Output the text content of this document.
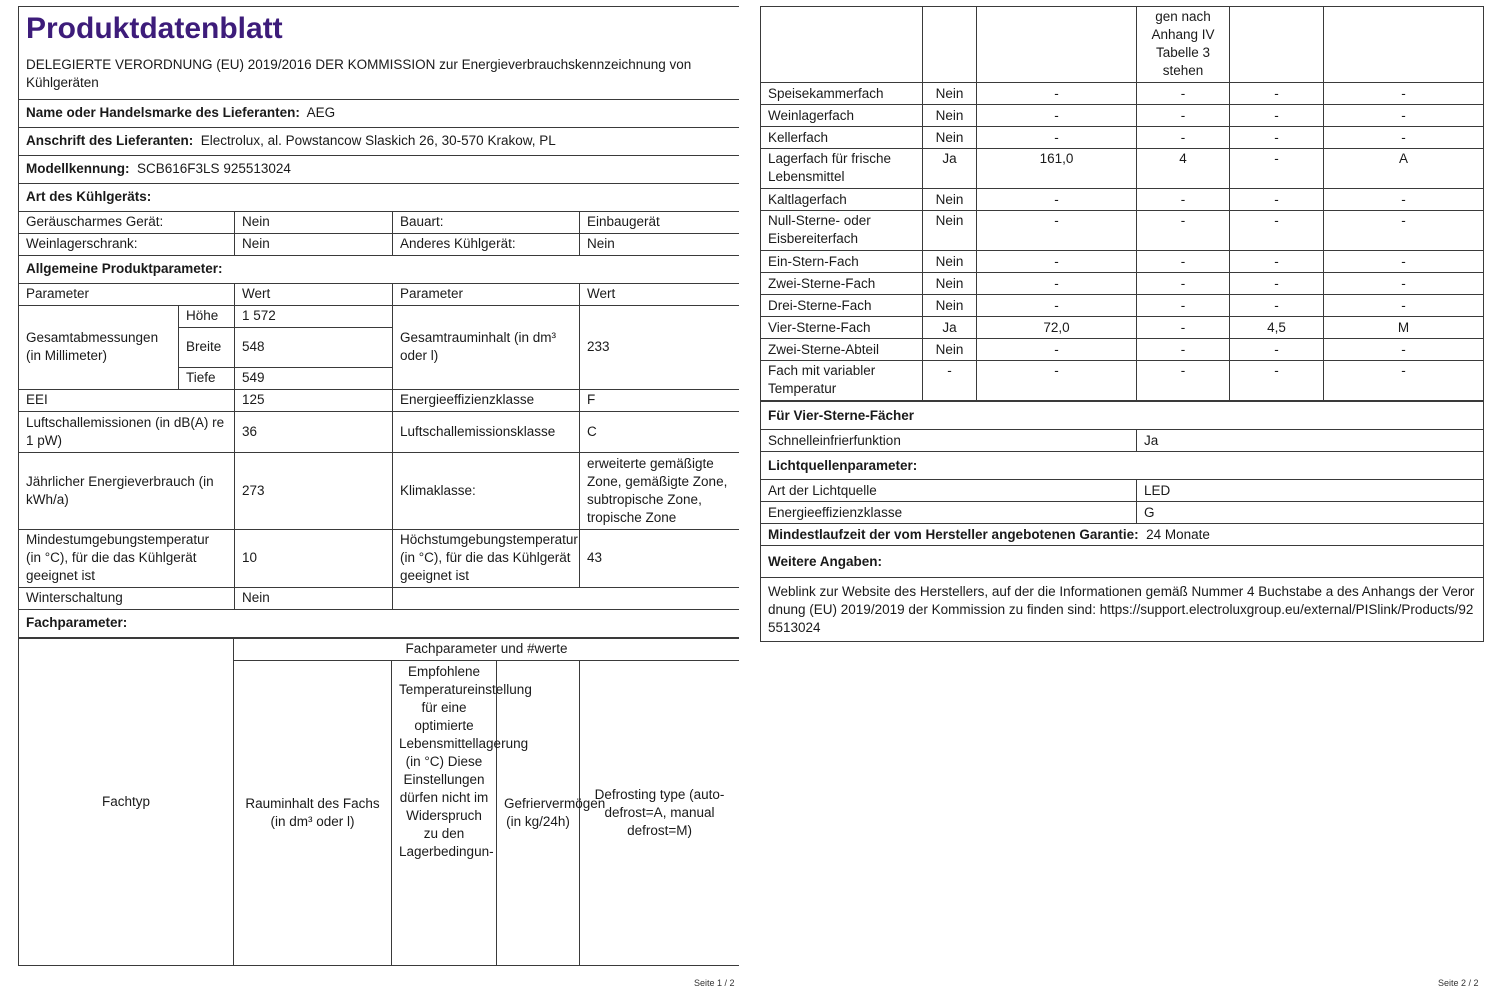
Produktdatenblatt				
DELEGIERTE VERORDNUNG (EU) 2019/2016 DER KOMMISSION zur Energieverbrauchskennzeichnung von Kühlgeräten				
Name oder Handelsmarke des Lieferanten: AEG				
Anschrift des Lieferanten: Electrolux, al. Powstancow Slaskich 26, 30-570 Krakow, PL				
Modellkennung: SCB616F3LS 925513024				
Art des Kühlgeräts:				
Geräuscharmes Gerät:		Nein	Bauart:	Einbaugerät
Weinlagerschrank:		Nein	Anderes Kühlgerät:	Nein
Allgemeine Produktparameter:				
Parameter		Wert	Parameter	Wert
Gesamtabmessungen (in Millimeter)	Höhe	1 572	Gesamtrauminhalt (in dm³ oder l)	233
	Breite	548		
	Tiefe	549		
EEI		125	Energieeffizienzklasse	F
Luftschallemissionen (in dB(A) re 1 pW)		36	Luftschallemissionsklasse	C
Jährlicher Energieverbrauch (in kWh/a)		273	Klimaklasse:	erweiterte gemäßigte Zone, gemäßigte Zone, subtropische Zone, tropische Zone
Mindestumgebungstemperatur (in °C), für die das Kühlgerät geeignet ist		10	Höchstumgebungstemperatur (in °C), für die das Kühlgerät geeignet ist	43
Winterschaltung		Nein		
Fachparameter:				
Fachtyp	Fachparameter und #werte			
	Rauminhalt des Fachs (in dm³ oder l)	Empfohlene Temperatureinstellung für eine optimierte Lebensmittellagerung (in °C) Diese Einstellungen dürfen nicht im Widerspruch zu den Lagerbedingun-	Gefriervermögen (in kg/24h)	Defrosting type (auto-defrost=A, manual defrost=M)
Seite 1 / 2
			gen nach Anhang IV Tabelle 3 stehen		
Speisekammerfach	Nein	-	-	-	-
Weinlagerfach	Nein	-	-	-	-
Kellerfach	Nein	-	-	-	-
Lagerfach für frische Lebensmittel	Ja	161,0	4	-	A
Kaltlagerfach	Nein	-	-	-	-
Null-Sterne- oder Eisbereiterfach	Nein	-	-	-	-
Ein-Stern-Fach	Nein	-	-	-	-
Zwei-Sterne-Fach	Nein	-	-	-	-
Drei-Sterne-Fach	Nein	-	-	-	-
Vier-Sterne-Fach	Ja	72,0	-	4,5	M
Zwei-Sterne-Abteil	Nein	-	-	-	-
Fach mit variabler Temperatur	-	-	-	-	-
Für Vier-Sterne-Fächer	
Schnelleinfrierfunktion	Ja
Lichtquellenparameter:	
Art der Lichtquelle	LED
Energieeffizienzklasse	G
Mindestlaufzeit der vom Hersteller angebotenen Garantie: 24 Monate	
Weitere Angaben:	
Weblink zur Website des Herstellers, auf der die Informationen gemäß Nummer 4 Buchstabe a des Anhangs der Verordnung (EU) 2019/2019 der Kommission zu finden sind: https://support.electroluxgroup.eu/external/PISlink/Products/925513024	
Seite 2 / 2
